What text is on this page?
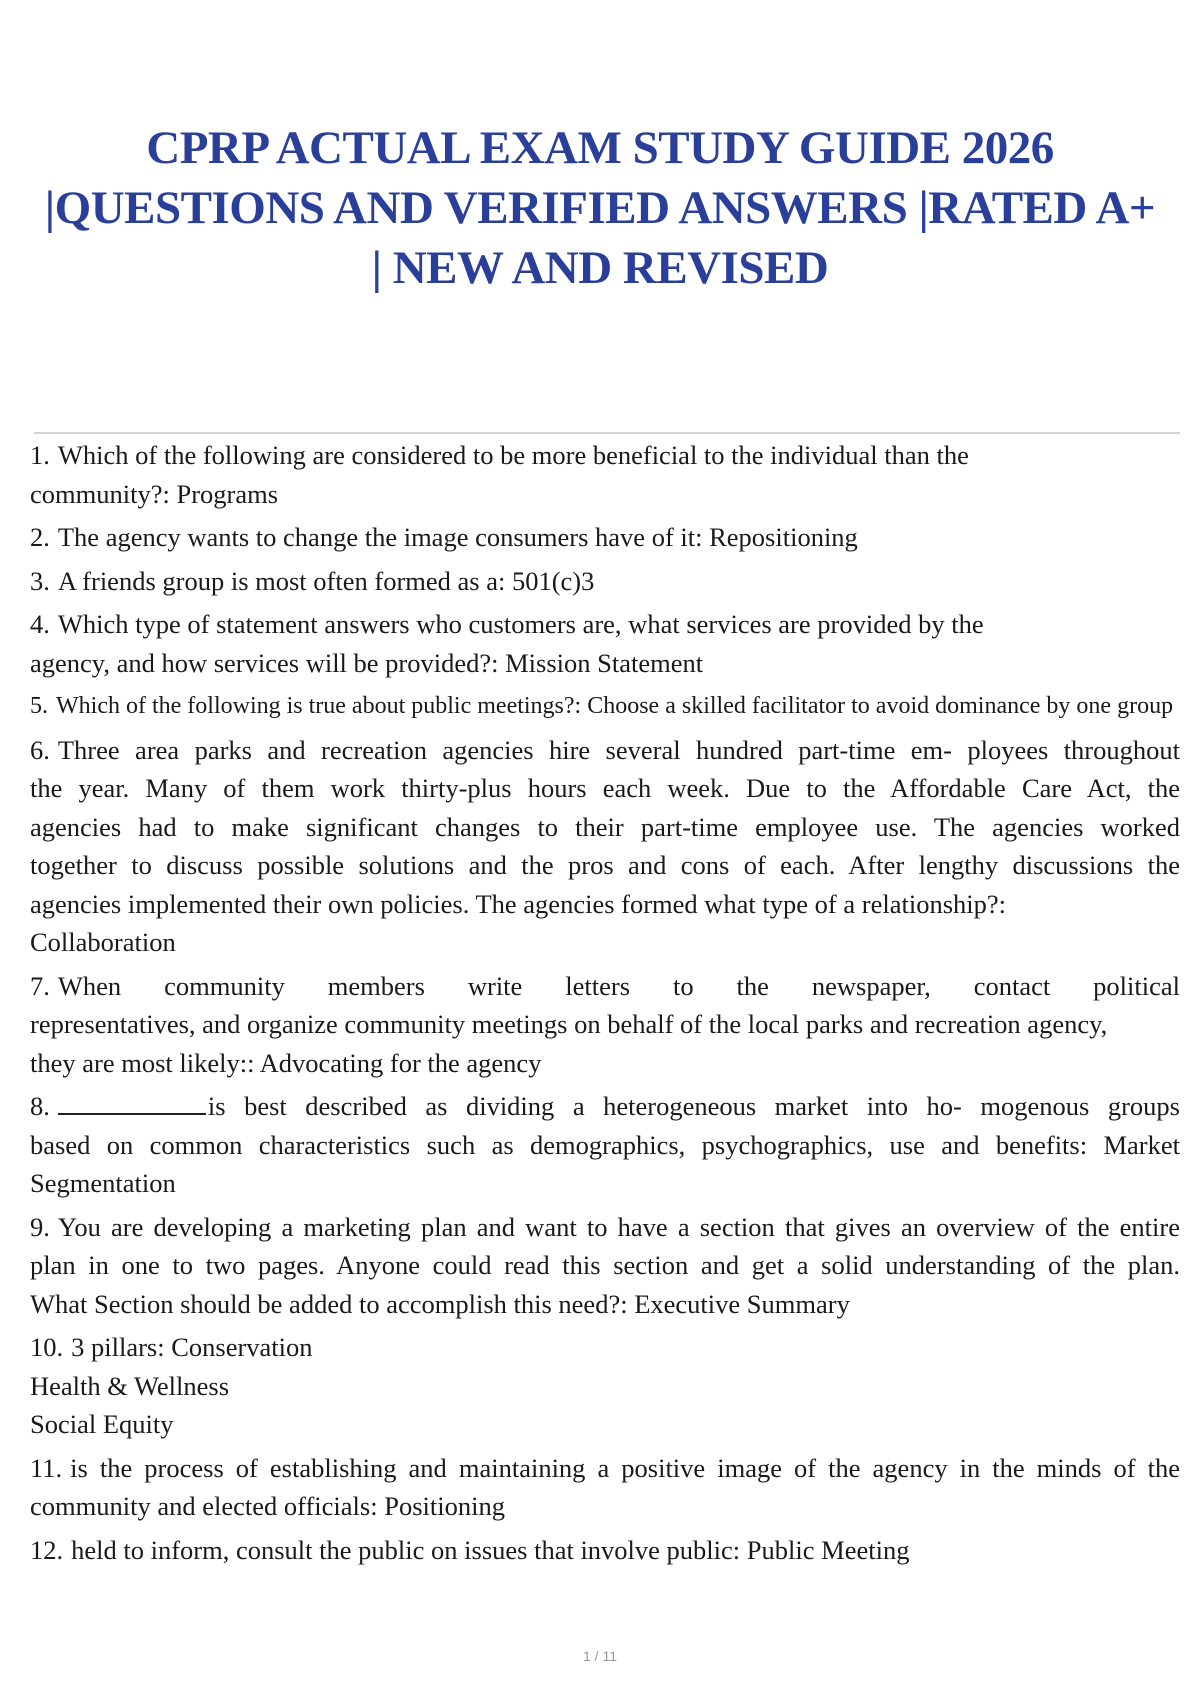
CPRP ACTUAL EXAM STUDY GUIDE 2026
|QUESTIONS AND VERIFIED ANSWERS |RATED A+
| NEW AND REVISED
1. Which of the following are considered to be more beneficial to the individual than the
community?: Programs
2. The agency wants to change the image consumers have of it: Repositioning
3. A friends group is most often formed as a: 501(c)3
4. Which type of statement answers who customers are, what services are provided by the
agency, and how services will be provided?: Mission Statement
5. Which of the following is true about public meetings?: Choose a skilled facilitator to avoid dominance by one group
6. Three area parks and recreation agencies hire several hundred part-time em- ployees throughout
the year. Many of them work thirty-plus hours each week. Due to the Affordable Care Act, the
agencies had to make significant changes to their part-time employee use. The agencies worked
together to discuss possible solutions and the pros and cons of each. After lengthy discussions the
agencies implemented their own policies. The agencies formed what type of a relationship?:
Collaboration
7. When community members write letters to the newspaper, contact political
representatives, and organize community meetings on behalf of the local parks and recreation agency,
they are most likely:: Advocating for the agency
8.	is best described as dividing a heterogeneous market into ho- mogenous groups
based on common characteristics such as demographics, psychographics, use and benefits: Market
Segmentation
9. You are developing a marketing plan and want to have a section that gives an overview of the entire
plan in one to two pages. Anyone could read this section and get a solid understanding of the plan.
What Section should be added to accomplish this need?: Executive Summary
10. 3 pillars: Conservation
Health & Wellness
Social Equity
11. is the process of establishing and maintaining a positive image of the agency in the minds of the
community and elected officials: Positioning
12. held to inform, consult the public on issues that involve public: Public Meeting
1 / 11
